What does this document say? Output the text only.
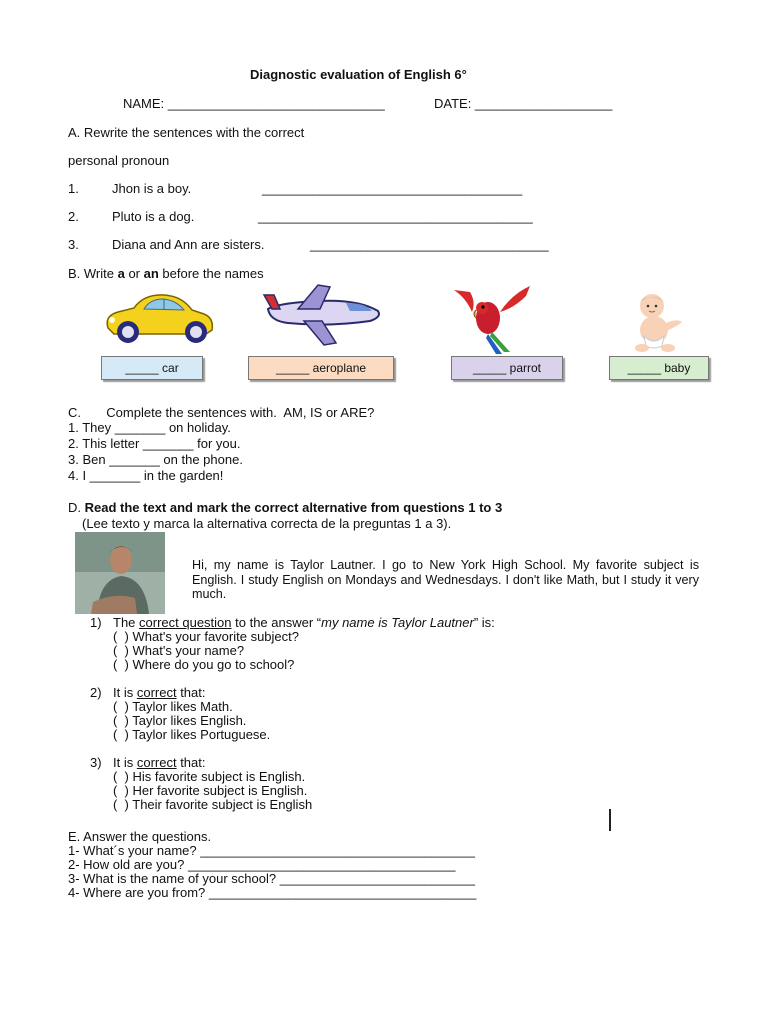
Diagnostic evaluation of English 6°
NAME: ______________________________	DATE: ___________________
A. Rewrite the sentences with the correct
personal pronoun
1.	Jhon is a boy.	____________________________________
2.	Pluto is a dog.	______________________________________
3.	Diana and Ann are sisters.	_________________________________
B. Write a or an before the names
_____ car	_____ aeroplane	_____ parrot	_____ baby
C.       Complete the sentences with.  AM, IS or ARE?
1. They _______ on holiday.
2. This letter _______ for you.
3. Ben _______ on the phone.
4. I _______ in the garden!
D. Read the text and mark the correct alternative from questions 1 to 3
(Lee texto y marca la alternativa correcta de la preguntas 1 a 3).
Hi, my name is Taylor Lautner. I go to New York High School. My favorite subject is English. I study English on Mondays and Wednesdays. I don't like Math, but I study it very much.
1) The correct question to the answer “my name is Taylor Lautner” is:
(  ) What's your favorite subject?
(  ) What's your name?
(  ) Where do you go to school?
2) It is correct that:
(  ) Taylor likes Math.
(  ) Taylor likes English.
(  ) Taylor likes Portuguese.
3) It is correct that:
(  ) His favorite subject is English.
(  ) Her favorite subject is English.
(  ) Their favorite subject is English
E. Answer the questions.
1- What´s your name? ______________________________________
2- How old are you? _____________________________________
3- What is the name of your school? ___________________________
4- Where are you from? _____________________________________
